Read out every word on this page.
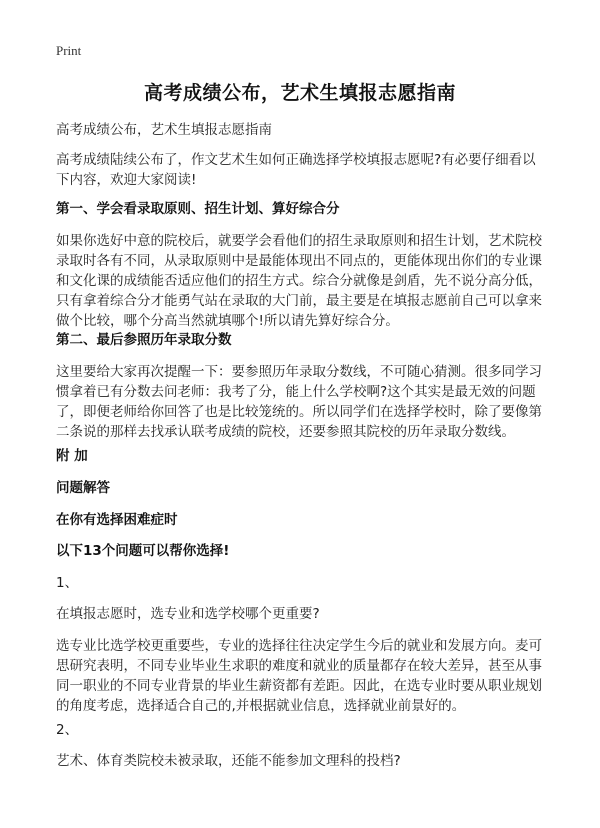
Print
高考成绩公布，艺术生填报志愿指南

高考成绩公布，艺术生填报志愿指南

高考成绩陆续公布了，作文艺术生如何正确选择学校填报志愿呢?有必要仔细看以下内容，欢迎大家阅读!

第一、学会看录取原则、招生计划、算好综合分

如果你选好中意的院校后，就要学会看他们的招生录取原则和招生计划，艺术院校录取时各有不同，从录取原则中是最能体现出不同点的，更能体现出你们的专业课和文化课的成绩能否适应他们的招生方式。综合分就像是剑盾，先不说分高分低，只有拿着综合分才能勇气站在录取的大门前，最主要是在填报志愿前自己可以拿来做个比较，哪个分高当然就填哪个!所以请先算好综合分。

第二、最后参照历年录取分数

这里要给大家再次提醒一下：要参照历年录取分数线，不可随心猜测。很多同学习惯拿着已有分数去问老师：我考了分，能上什么学校啊?这个其实是最无效的问题了，即便老师给你回答了也是比较笼统的。所以同学们在选择学校时，除了要像第二条说的那样去找承认联考成绩的院校，还要参照其院校的历年录取分数线。

附 加

问题解答

在你有选择困难症时

以下13个问题可以帮你选择!

1、

在填报志愿时，选专业和选学校哪个更重要?

选专业比选学校更重要些，专业的选择往往决定学生今后的就业和发展方向。麦可思研究表明，不同专业毕业生求职的难度和就业的质量都存在较大差异，甚至从事同一职业的不同专业背景的毕业生薪资都有差距。因此，在选专业时要从职业规划的角度考虑，选择适合自己的,并根据就业信息，选择就业前景好的。

2、

艺术、体育类院校未被录取，还能不能参加文理科的投档?
